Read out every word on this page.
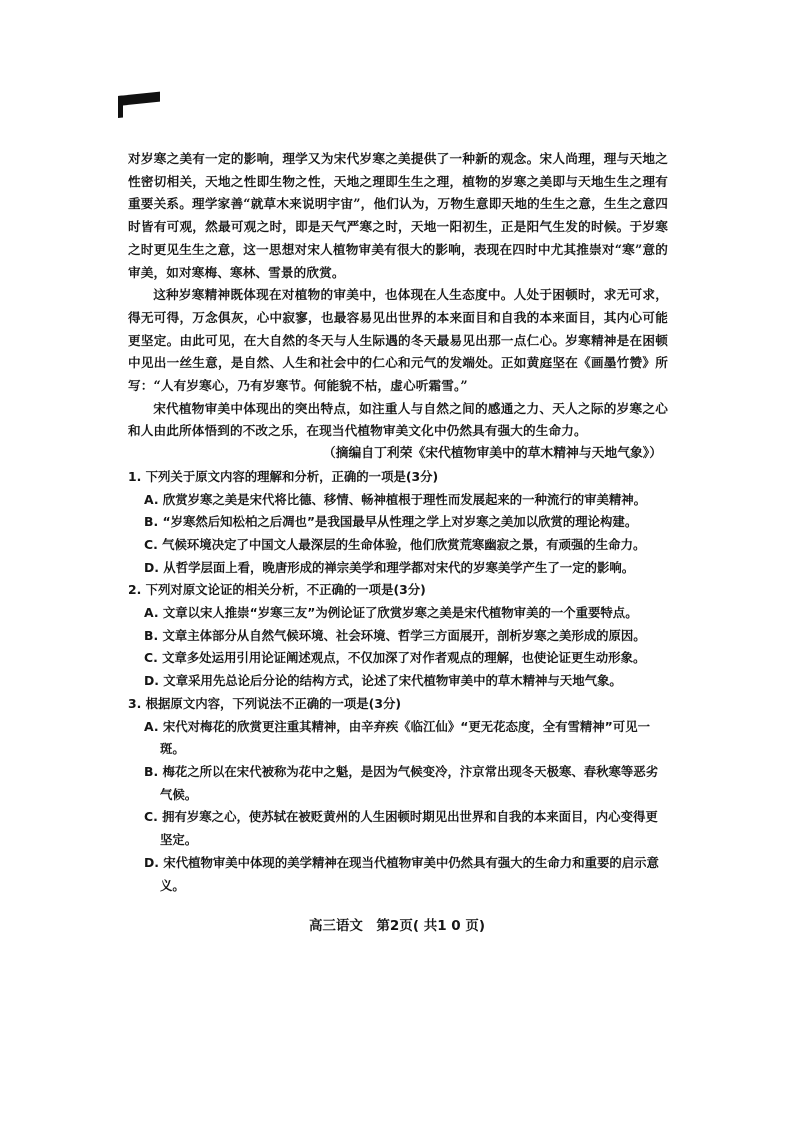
对岁寒之美有一定的影响，理学又为宋代岁寒之美提供了一种新的观念。宋人尚理，理与天地之性密切相关，天地之性即生物之性，天地之理即生生之理，植物的岁寒之美即与天地生生之理有重要关系。理学家善“就草木来说明宇宙”，他们认为，万物生意即天地的生生之意，生生之意四时皆有可观，然最可观之时，即是天气严寒之时，天地一阳初生，正是阳气生发的时候。于岁寒之时更见生生之意，这一思想对宋人植物审美有很大的影响，表现在四时中尤其推崇对“寒”意的审美，如对寒梅、寒林、雪景的欣赏。

这种岁寒精神既体现在对植物的审美中，也体现在人生态度中。人处于困顿时，求无可求，得无可得，万念俱灰，心中寂寥，也最容易见出世界的本来面目和自我的本来面目，其内心可能更坚定。由此可见，在大自然的冬天与人生际遇的冬天最易见出那一点仁心。岁寒精神是在困顿中见出一丝生意，是自然、人生和社会中的仁心和元气的发端处。正如黄庭坚在《画墨竹赞》所写：“人有岁寒心，乃有岁寒节。何能貌不枯，虚心听霜雪。”

宋代植物审美中体现出的突出特点，如注重人与自然之间的感通之力、天人之际的岁寒之心和人由此所体悟到的不改之乐，在现当代植物审美文化中仍然具有强大的生命力。

（摘编自丁利荣《宋代植物审美中的草木精神与天地气象》）

1. 下列关于原文内容的理解和分析，正确的一项是(3分)

A. 欣赏岁寒之美是宋代将比德、移情、畅神植根于理性而发展起来的一种流行的审美精神。

B. “岁寒然后知松柏之后凋也”是我国最早从性理之学上对岁寒之美加以欣赏的理论构建。

C. 气候环境决定了中国文人最深层的生命体验，他们欣赏荒寒幽寂之景，有顽强的生命力。

D. 从哲学层面上看，晚唐形成的禅宗美学和理学都对宋代的岁寒美学产生了一定的影响。

2. 下列对原文论证的相关分析，不正确的一项是(3分)

A. 文章以宋人推崇“岁寒三友”为例论证了欣赏岁寒之美是宋代植物审美的一个重要特点。

B. 文章主体部分从自然气候环境、社会环境、哲学三方面展开，剖析岁寒之美形成的原因。

C. 文章多处运用引用论证阐述观点，不仅加深了对作者观点的理解，也使论证更生动形象。

D. 文章采用先总论后分论的结构方式，论述了宋代植物审美中的草木精神与天地气象。

3. 根据原文内容，下列说法不正确的一项是(3分)

A. 宋代对梅花的欣赏更注重其精神，由辛弃疾《临江仙》“更无花态度，全有雪精神”可见一斑。

B. 梅花之所以在宋代被称为花中之魁，是因为气候变冷，汴京常出现冬天极寒、春秋寒等恶劣气候。

C. 拥有岁寒之心，使苏轼在被贬黄州的人生困顿时期见出世界和自我的本来面目，内心变得更坚定。

D. 宋代植物审美中体现的美学精神在现当代植物审美中仍然具有强大的生命力和重要的启示意义。

高三语文　第2页( 共1 0 页)
